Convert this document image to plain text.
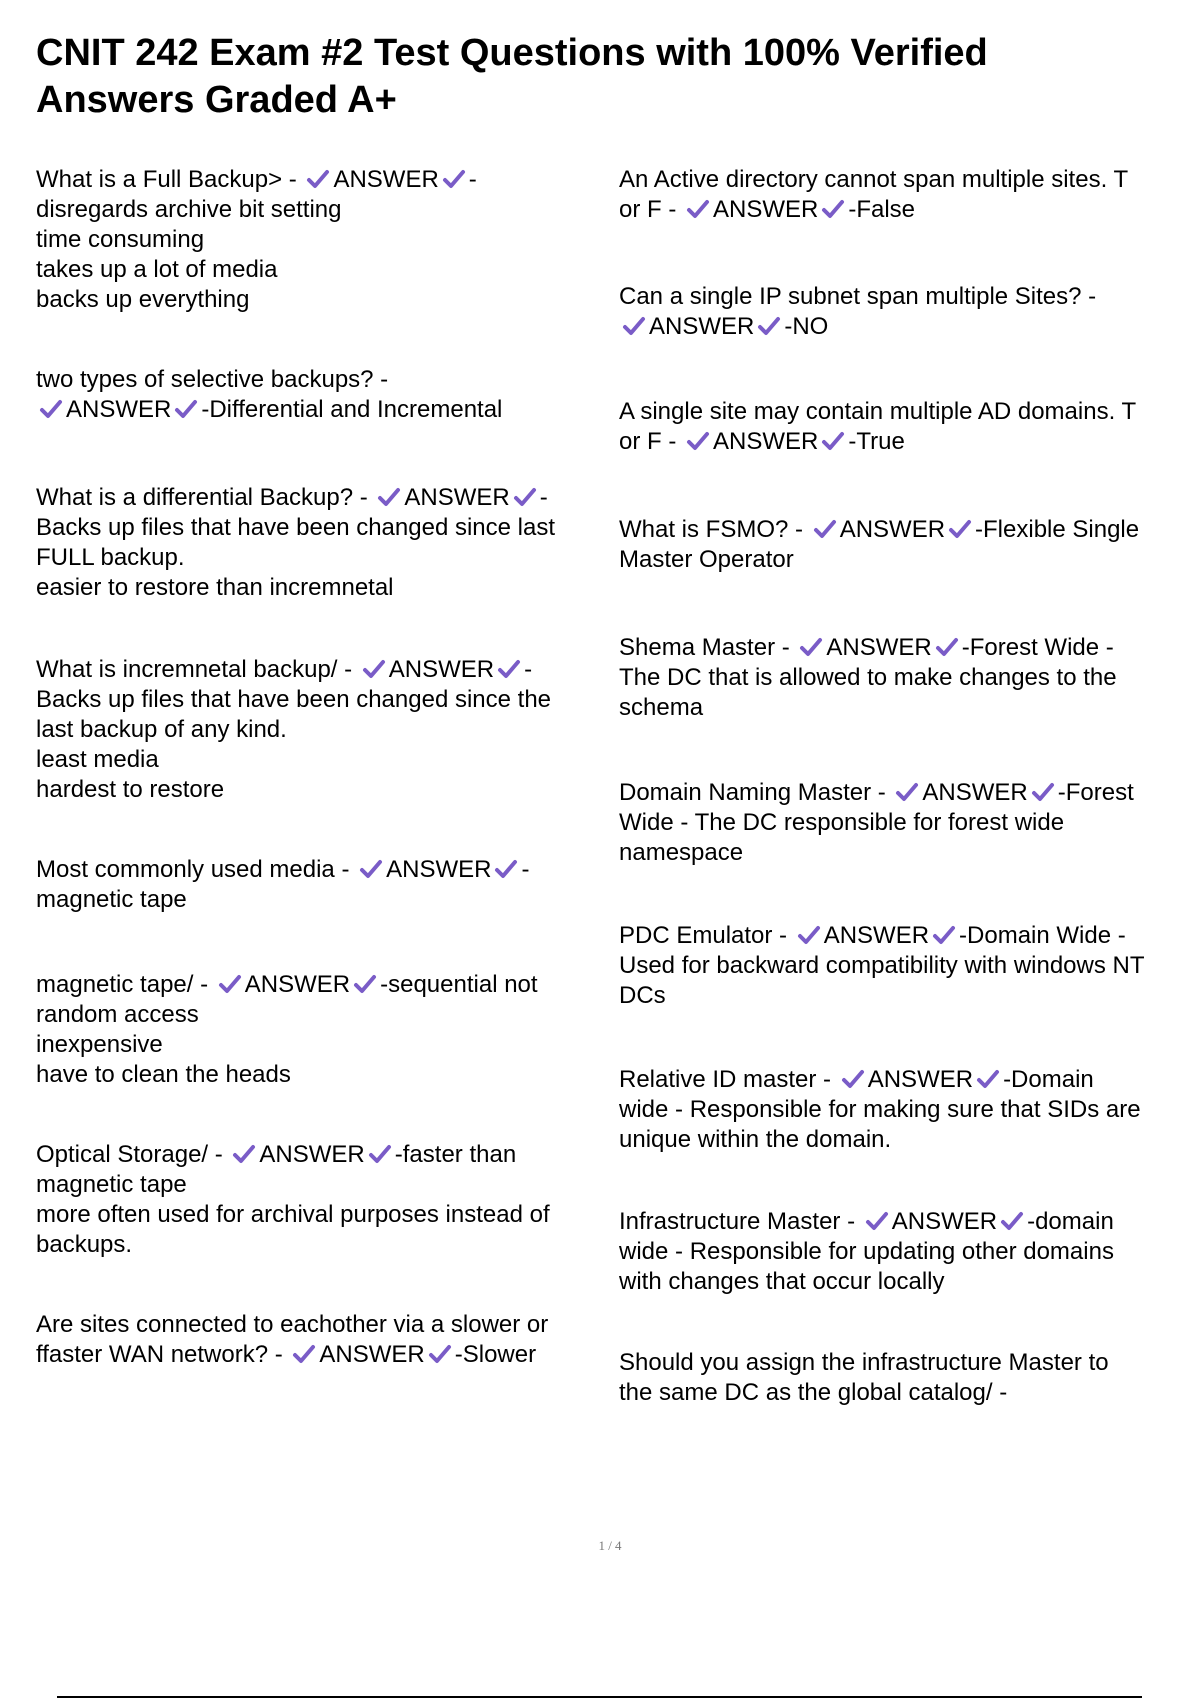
CNIT 242 Exam #2 Test Questions with 100% Verified Answers Graded A+
What is a Full Backup> -
ANSWER -
disregards archive bit setting
time consuming
takes up a lot of media
backs up everything
two types of selective backups? -
ANSWER -Differential and Incremental
What is a differential Backup? -
ANSWER -
Backs up files that have been changed since last
FULL backup.
easier to restore than incremnetal
What is incremnetal backup/ -
ANSWER -
Backs up files that have been changed since the
last backup of any kind.
least media
hardest to restore
Most commonly used media -
ANSWER -
magnetic tape
magnetic tape/ -
ANSWER -sequential not
random access
inexpensive
have to clean the heads
Optical Storage/ -
ANSWER -faster than
magnetic tape
more often used for archival purposes instead of
backups.
Are sites connected to eachother via a slower or
ffaster WAN network? -
ANSWER -Slower
An Active directory cannot span multiple sites. T
or F -
ANSWER -False
Can a single IP subnet span multiple Sites? -
ANSWER -NO
A single site may contain multiple AD domains. T
or F -
ANSWER -True
What is FSMO? -
ANSWER -Flexible Single
Master Operator
Shema Master -
ANSWER -Forest Wide -
The DC that is allowed to make changes to the
schema
Domain Naming Master -
ANSWER -Forest
Wide - The DC responsible for forest wide
namespace
PDC Emulator -
ANSWER -Domain Wide -
Used for backward compatibility with windows NT
DCs
Relative ID master -
ANSWER -Domain
wide - Responsible for making sure that SIDs are
unique within the domain.
Infrastructure Master -
ANSWER -domain
wide - Responsible for updating other domains
with changes that occur locally
Should you assign the infrastructure Master to
the same DC as the global catalog/ -
1 / 4
